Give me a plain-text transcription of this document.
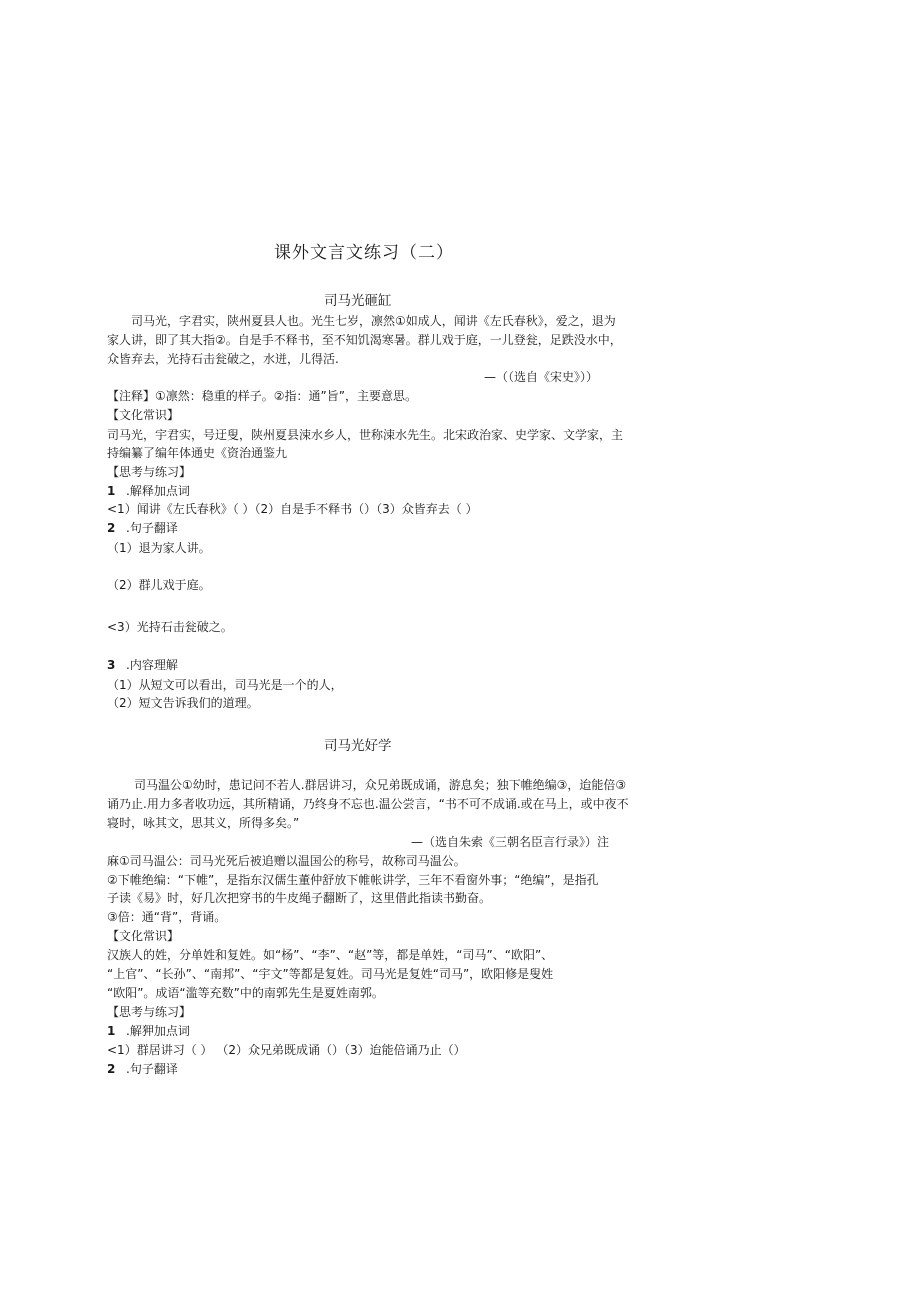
课外文言文练习（二）
司马光砸缸
司马光，字君实，陕州夏县人也。光生七岁，凛然①如成人，闻讲《左氏春秋》，爱之，退为
家人讲，即了其大指②。自是手不释书，至不知饥渴寒暑。群儿戏于庭，一儿登瓮，足跌没水中，
众皆弃去，光持石击瓮破之，水迸，儿得活.
—（（选自《宋史》））
【注释】①凛然：稳重的样子。②指：通”旨”，主要意思。
【文化常识】
司马光，宇君实，号迂叟，陕州夏县涑水乡人，世称涑水先生。北宋政治家、史学家、文学家，主
持编纂了编年体通史《资治通鉴九
【思考与练习】
1 .解释加点词
<1）闻讲《左氏春秋》（ ）（2）自是手不释书（）（3）众皆弃去（ ）
2 .句子翻译
（1）退为家人讲。
（2）群儿戏于庭。
<3）光持石击瓮破之。
3 .内容理解
（1）从短文可以看出，司马光是一个的人，
（2）短文告诉我们的道理。
司马光好学
司马温公①幼时，患记问不若人.群居讲习，众兄弟既成诵，游息矣；独下帷绝编③，迨能倍③
诵乃止.用力多者收功远，其所精诵，乃终身不忘也.温公尝言，“书不可不成诵.或在马上，或中夜不
寝时，咏其文，思其义，所得多矣。”
—（选自朱索《三朝名臣言行录》）注
麻①司马温公：司马光死后被追赠以温国公的称号，故称司马温公。
②下帷绝编：“下帷”，是指东汉儒生董仲舒放下帷帐讲学，三年不看窗外事；“绝编”，是指孔
子读《易》时，好几次把穿书的牛皮绳子翻断了，这里借此指读书勤奋。
③倍：通“背”，背诵。
【文化常识】
汉族人的姓，分单姓和复姓。如“杨”、“李”、“赵”等，都是单姓，“司马”、“欧阳”、
“上官”、“长孙”、“南邦”、“宇文”等都是复姓。司马光是复姓“司马”，欧阳修是叟姓
“欧阳”。成语“滥等充数”中的南郭先生是夏姓南郭。
【思考与练习】
1 .解狎加点词
<1）群居讲习（ ） （2）众兄弟既成诵（）（3）迨能倍诵乃止（）
2 .句子翻译
